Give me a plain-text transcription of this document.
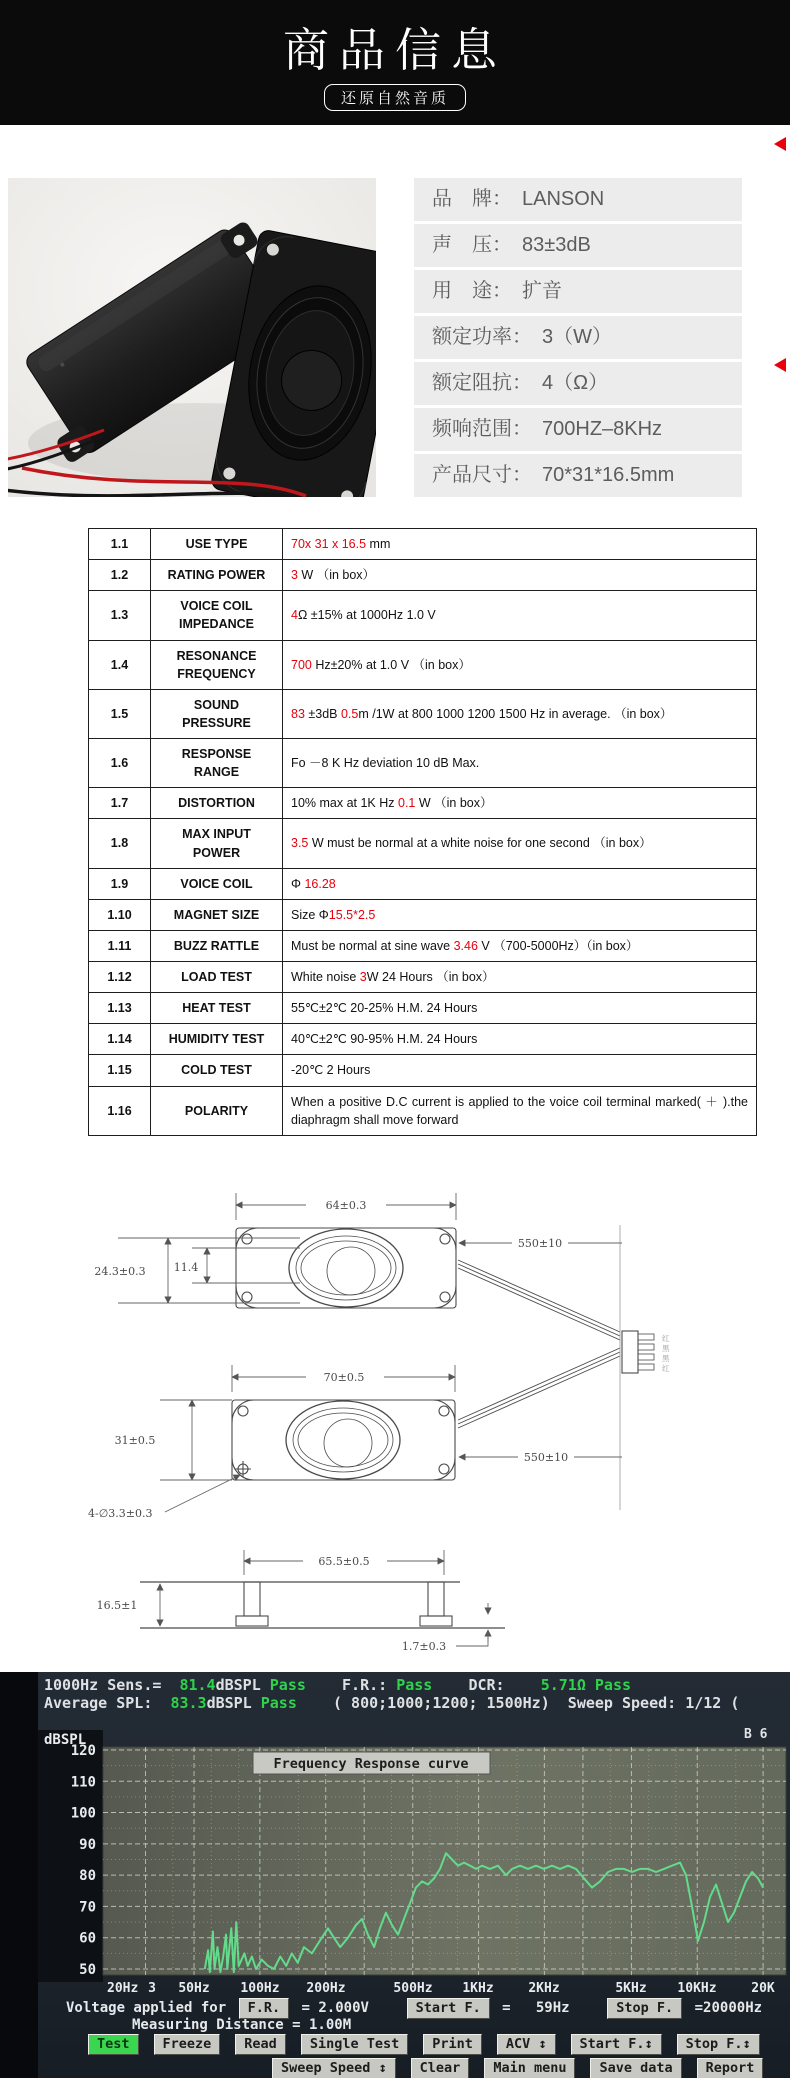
商品信息
还原自然音质
品　牌： LANSON
声　压： 83±3dB
用　途： 扩音
额定功率： 3（W）
额定阻抗： 4（Ω）
频响范围： 700HZ–8KHz
产品尺寸： 70*31*16.5mm
1.1	USE TYPE	70x 31 x 16.5 mm
1.2	RATING POWER	3 W （in box）
1.3	VOICE COIL IMPEDANCE	4Ω ±15% at 1000Hz 1.0 V
1.4	RESONANCE FREQUENCY	700 Hz±20% at 1.0 V （in box）
1.5	SOUND PRESSURE	83 ±3dB 0.5m /1W at 800 1000 1200 1500 Hz in average. （in box）
1.6	RESPONSE RANGE	Fo －8 K Hz deviation 10 dB Max.
1.7	DISTORTION	10% max at 1K Hz 0.1 W （in box）
1.8	MAX INPUT POWER	3.5 W must be normal at a white noise for one second （in box）
1.9	VOICE COIL	Φ 16.28
1.10	MAGNET SIZE	Size Φ15.5*2.5
1.11	BUZZ RATTLE	Must be normal at sine wave 3.46 V （700-5000Hz）（in box）
1.12	LOAD TEST	White noise 3W 24 Hours （in box）
1.13	HEAT TEST	55℃±2℃ 20-25% H.M. 24 Hours
1.14	HUMIDITY TEST	40℃±2℃ 90-95% H.M. 24 Hours
1.15	COLD TEST	-20℃ 2 Hours
1.16	POLARITY	When a positive D.C current is applied to the voice coil terminal marked( ＋ ).the diaphragm shall move forward
64±0.3
24.3±0.3	11.4
550±10
70±0.5
31±0.5
550±10
4-∅3.3±0.3
65.5±0.5
16.5±1
1.7±0.3
红
黑
黑
红
120
110
100
90
80
70
60
50
20Hz 3 50Hz 100Hz 200Hz	500Hz 1KHz	2KHz	5KHz 10KHz	20K
dBSPL	B 6
Frequency Response curve
1000Hz Sens.=  81.4dBSPL Pass    F.R.: Pass    DCR:    5.71Ω Pass
Average SPL:  83.3dBSPL Pass    ( 800;1000;1200; 1500Hz)  Sweep Speed: 1/12 (
Voltage applied for F.R. = 2.000V    Start F. =   59Hz    Stop F. =20000Hz
Measuring Distance = 1.00M
Test	Freeze	Read	Single Test	Print	ACV ↕	Start F.↕	Stop F.↕
Sweep Speed ↕	Clear	Main menu	Save data	Report
